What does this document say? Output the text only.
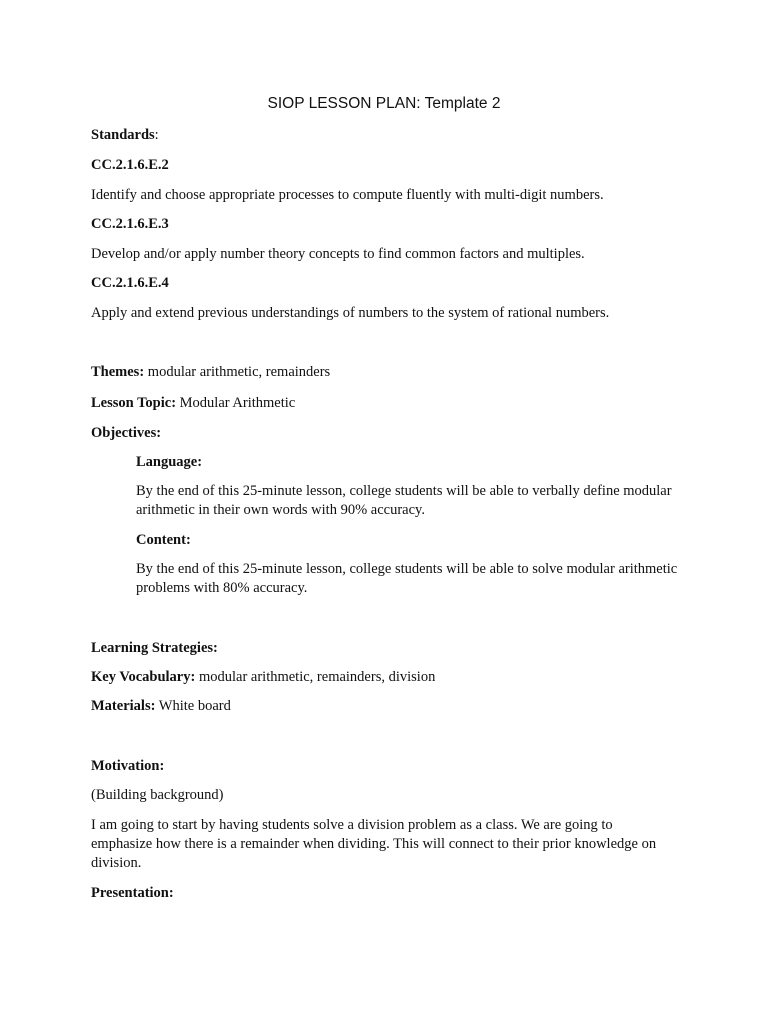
SIOP LESSON PLAN: Template 2
Standards:
CC.2.1.6.E.2
Identify and choose appropriate processes to compute fluently with multi-digit numbers.
CC.2.1.6.E.3
Develop and/or apply number theory concepts to find common factors and multiples.
CC.2.1.6.E.4
Apply and extend previous understandings of numbers to the system of rational numbers.
Themes: modular arithmetic, remainders
Lesson Topic: Modular Arithmetic
Objectives:
Language:
By the end of this 25-minute lesson, college students will be able to verbally define modular arithmetic in their own words with 90% accuracy.
Content:
By the end of this 25-minute lesson, college students will be able to solve modular arithmetic problems with 80% accuracy.
Learning Strategies:
Key Vocabulary: modular arithmetic, remainders, division
Materials: White board
Motivation:
(Building background)
I am going to start by having students solve a division problem as a class. We are going to
emphasize how there is a remainder when dividing. This will connect to their prior knowledge on
division.
Presentation:
